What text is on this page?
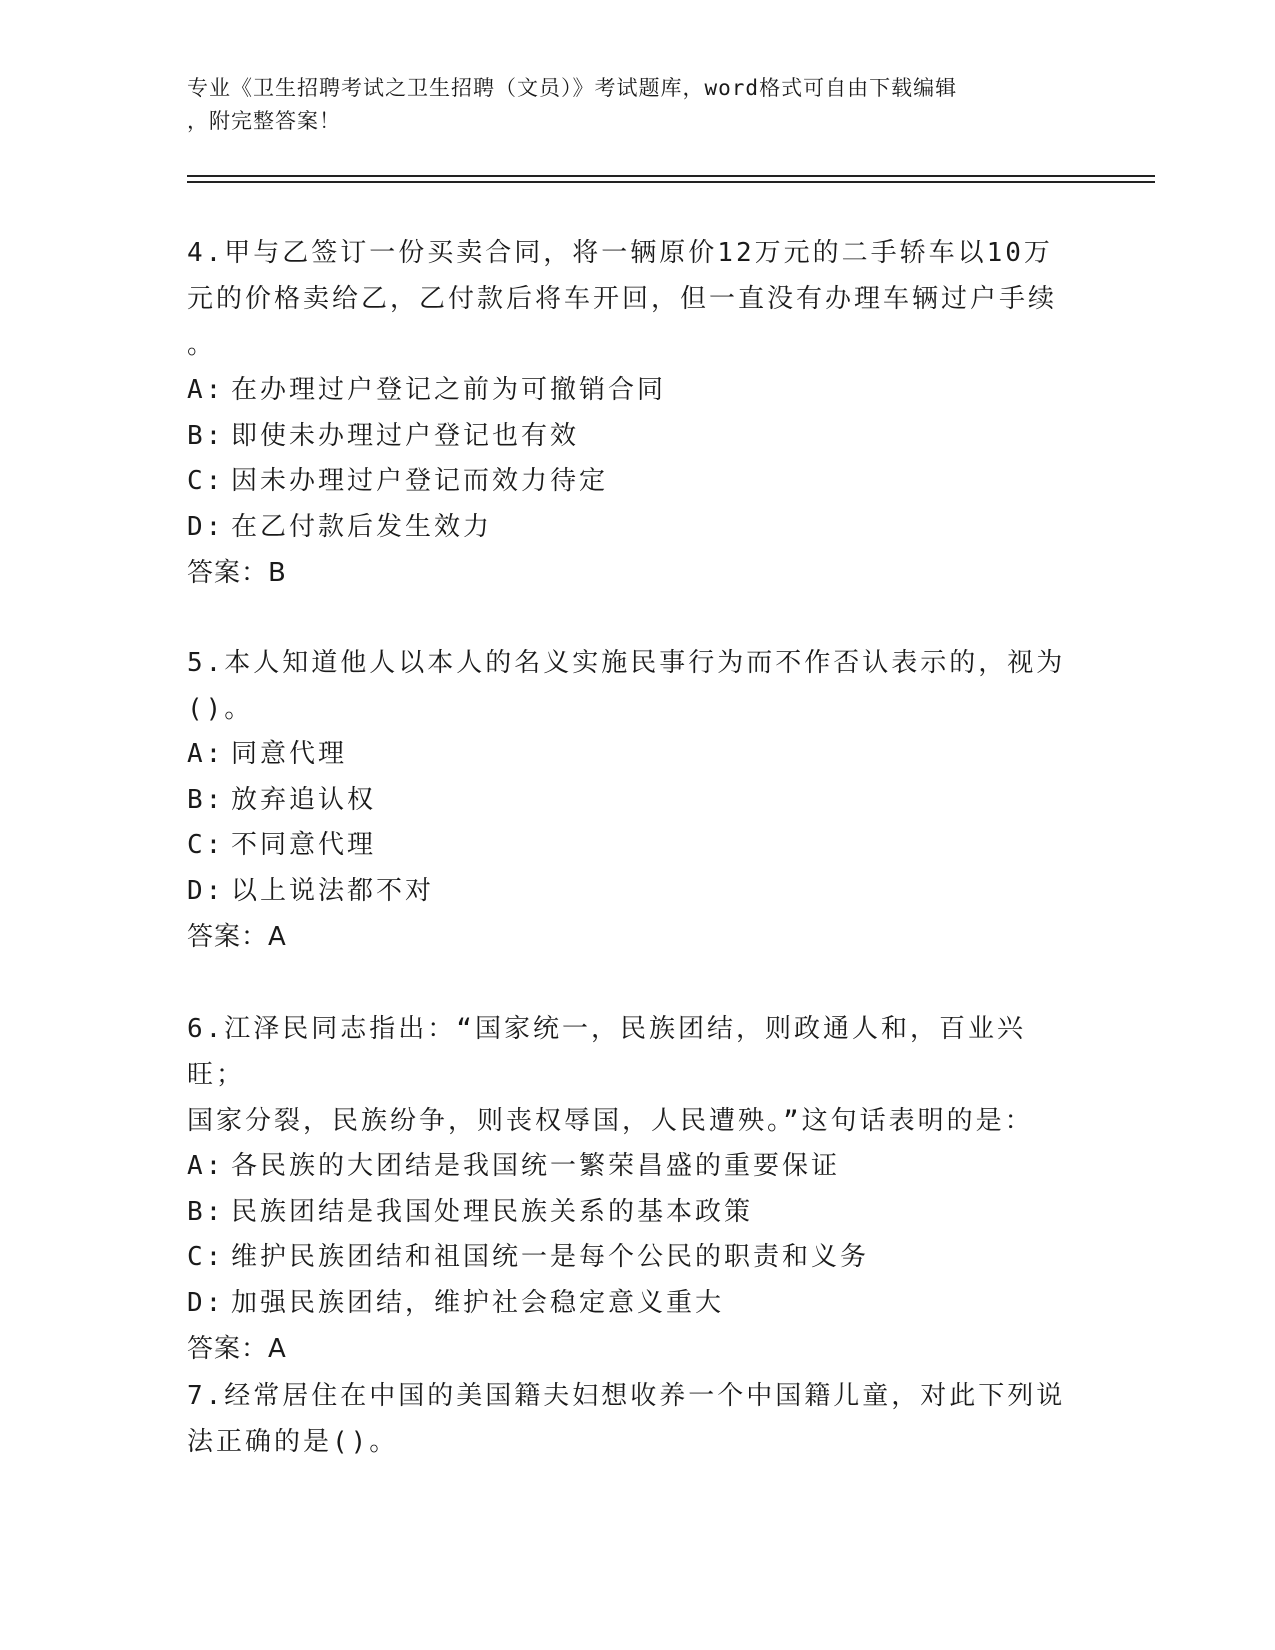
专业《卫生招聘考试之卫生招聘（文员）》考试题库，word格式可自由下载编辑
，附完整答案！
4.甲与乙签订一份买卖合同，将一辆原价12万元的二手轿车以10万
元的价格卖给乙，乙付款后将车开回，但一直没有办理车辆过户手续
。
A: 在办理过户登记之前为可撤销合同
B: 即使未办理过户登记也有效
C: 因未办理过户登记而效力待定
D: 在乙付款后发生效力
答案：B
5.本人知道他人以本人的名义实施民事行为而不作否认表示的，视为
()。
A: 同意代理
B: 放弃追认权
C: 不同意代理
D: 以上说法都不对
答案：A
6.江泽民同志指出：“国家统一，民族团结，则政通人和，百业兴旺；
国家分裂，民族纷争，则丧权辱国，人民遭殃。”这句话表明的是：
A: 各民族的大团结是我国统一繁荣昌盛的重要保证
B: 民族团结是我国处理民族关系的基本政策
C: 维护民族团结和祖国统一是每个公民的职责和义务
D: 加强民族团结，维护社会稳定意义重大
答案：A
7.经常居住在中国的美国籍夫妇想收养一个中国籍儿童，对此下列说
法正确的是()。
